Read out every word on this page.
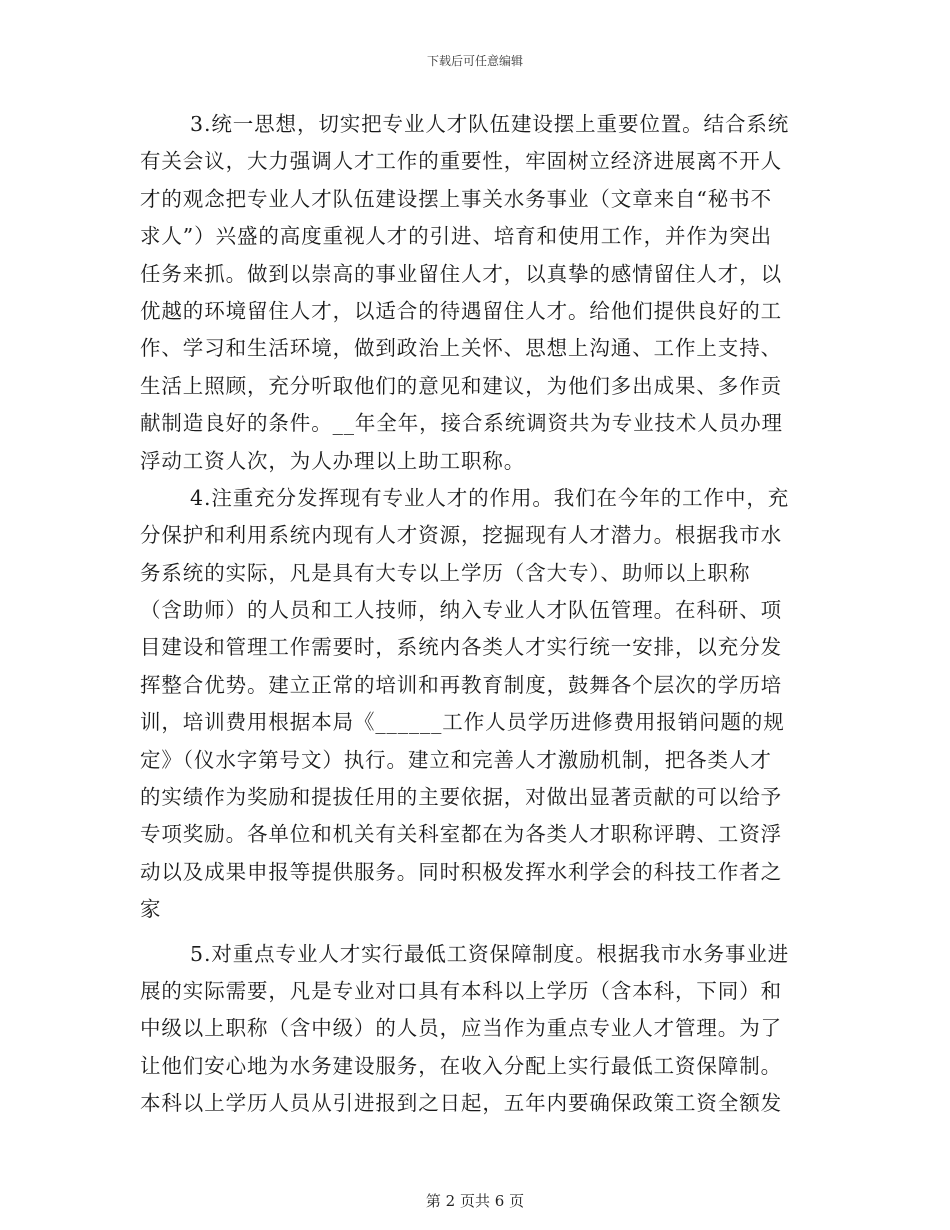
下载后可任意编辑
3.统一思想，切实把专业人才队伍建设摆上重要位置。结合系统
有关会议，大力强调人才工作的重要性，牢固树立经济进展离不开人
才的观念把专业人才队伍建设摆上事关水务事业（文章来自“秘书不
求人”）兴盛的高度重视人才的引进、培育和使用工作，并作为突出
任务来抓。做到以崇高的事业留住人才，以真挚的感情留住人才，以
优越的环境留住人才，以适合的待遇留住人才。给他们提供良好的工
作、学习和生活环境，做到政治上关怀、思想上沟通、工作上支持、
生活上照顾，充分听取他们的意见和建议，为他们多出成果、多作贡
献制造良好的条件。__年全年，接合系统调资共为专业技术人员办理
浮动工资人次，为人办理以上助工职称。
4.注重充分发挥现有专业人才的作用。我们在今年的工作中，充
分保护和利用系统内现有人才资源，挖掘现有人才潜力。根据我市水
务系统的实际，凡是具有大专以上学历（含大专）、助师以上职称
（含助师）的人员和工人技师，纳入专业人才队伍管理。在科研、项
目建设和管理工作需要时，系统内各类人才实行统一安排，以充分发
挥整合优势。建立正常的培训和再教育制度，鼓舞各个层次的学历培
训，培训费用根据本局《______工作人员学历进修费用报销问题的规
定》（仪水字第号文）执行。建立和完善人才激励机制，把各类人才
的实绩作为奖励和提拔任用的主要依据，对做出显著贡献的可以给予
专项奖励。各单位和机关有关科室都在为各类人才职称评聘、工资浮
动以及成果申报等提供服务。同时积极发挥水利学会的科技工作者之
家
5.对重点专业人才实行最低工资保障制度。根据我市水务事业进
展的实际需要，凡是专业对口具有本科以上学历（含本科，下同）和
中级以上职称（含中级）的人员，应当作为重点专业人才管理。为了
让他们安心地为水务建设服务，在收入分配上实行最低工资保障制。
本科以上学历人员从引进报到之日起，五年内要确保政策工资全额发
第 2 页共 6 页
